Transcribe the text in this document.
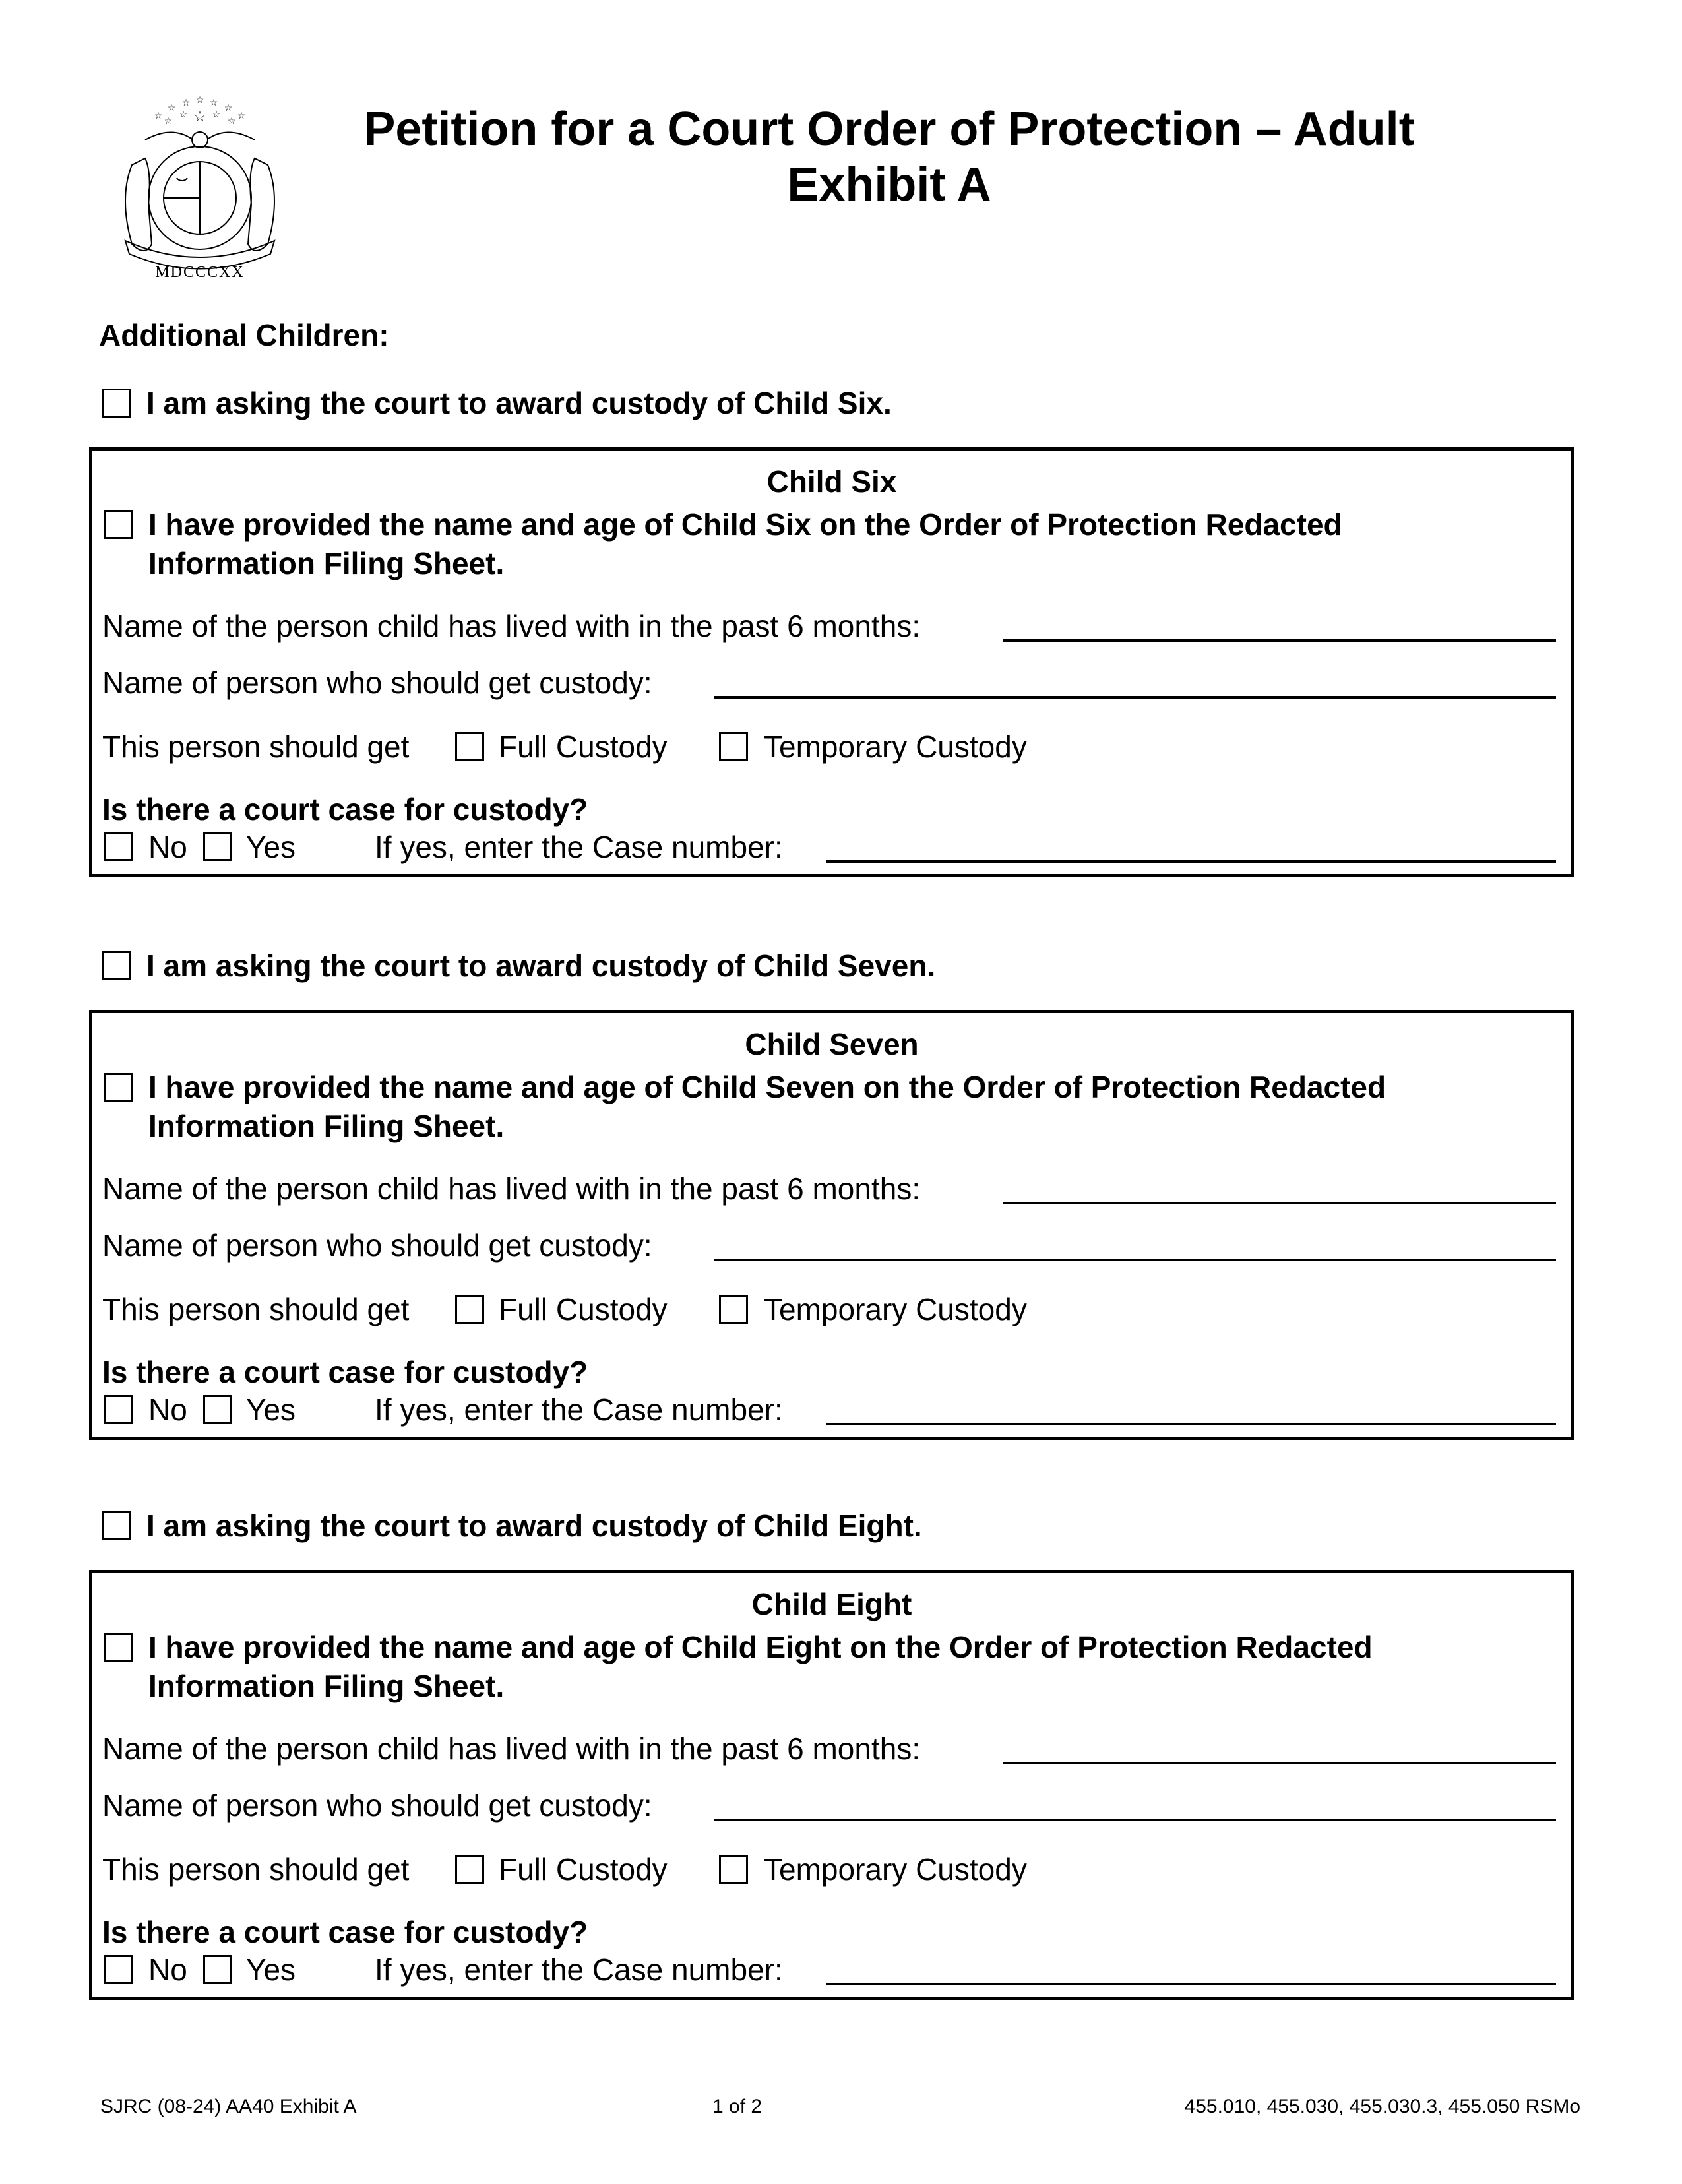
☆
☆ ☆ ☆ ☆ ☆
☆
☆
☆ ☆ ☆
☆
MDCCCXX
Petition for a Court Order of Protection – Adult
Exhibit A
Additional Children:
I am asking the court to award custody of Child Six.
Child Six
I have provided the name and age of Child Six on the Order of Protection Redacted
Information Filing Sheet.
Name of the person child has lived with in the past 6 months:
Name of person who should get custody:
This person should get	Full Custody	Temporary Custody
Is there a court case for custody?
No Yes	If yes, enter the Case number:
I am asking the court to award custody of Child Seven.
Child Seven
I have provided the name and age of Child Seven on the Order of Protection Redacted
Information Filing Sheet.
Name of the person child has lived with in the past 6 months:
Name of person who should get custody:
This person should get	Full Custody	Temporary Custody
Is there a court case for custody?
No Yes	If yes, enter the Case number:
I am asking the court to award custody of Child Eight.
Child Eight
I have provided the name and age of Child Eight on the Order of Protection Redacted
Information Filing Sheet.
Name of the person child has lived with in the past 6 months:
Name of person who should get custody:
This person should get	Full Custody	Temporary Custody
Is there a court case for custody?
No Yes	If yes, enter the Case number:
SJRC (08-24) AA40 Exhibit A	1 of 2	455.010, 455.030, 455.030.3, 455.050 RSMo
